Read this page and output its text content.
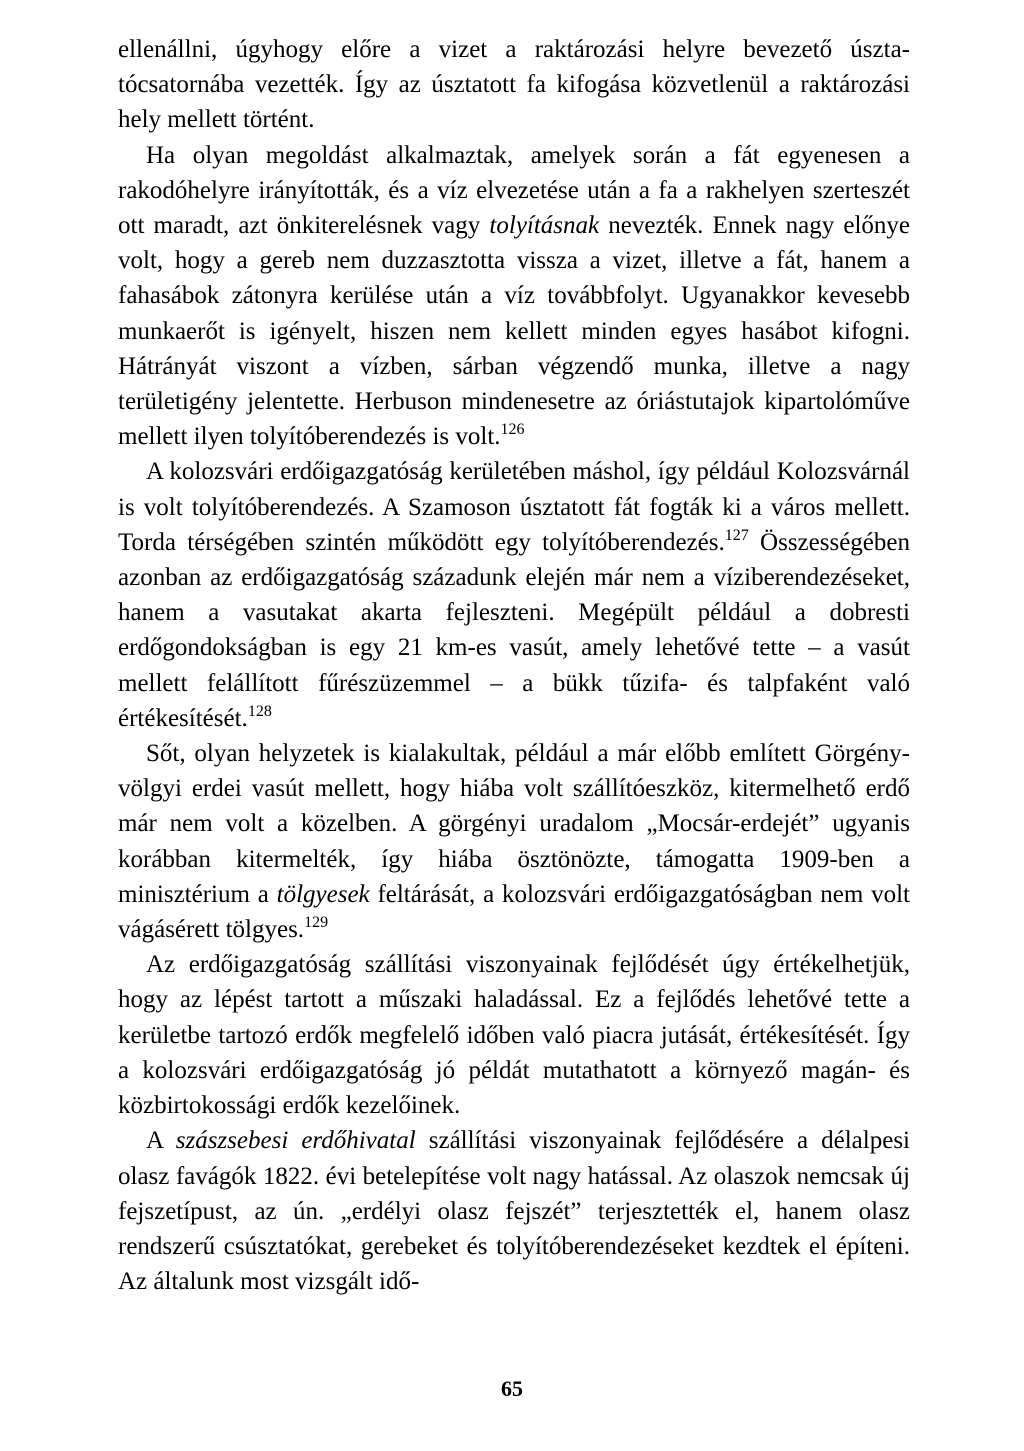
ellenállni, úgyhogy előre a vizet a raktározási helyre bevezető úsztatócsatornába vezették. Így az úsztatott fa kifogása közvetlenül a raktározási hely mellett történt.

Ha olyan megoldást alkalmaztak, amelyek során a fát egyenesen a rakodóhelyre irányították, és a víz elvezetése után a fa a rakhelyen szerteszét ott maradt, azt önkiterelésnek vagy tolyításnak nevezték. Ennek nagy előnye volt, hogy a gereb nem duzzasztotta vissza a vizet, illetve a fát, hanem a fahasábok zátonyra kerülése után a víz továbbfolyt. Ugyanakkor kevesebb munkaerőt is igényelt, hiszen nem kellett minden egyes hasábot kifogni. Hátrányát viszont a vízben, sárban végzendő munka, illetve a nagy területigény jelentette. Herbuson mindenesetre az óriástutajok kipartolóműve mellett ilyen tolyítóberendezés is volt.$^{126}$

A kolozsvári erdőigazgatóság kerületében máshol, így például Kolozsvárnál is volt tolyítóberendezés. A Szamoson úsztatott fát fogták ki a város mellett. Torda térségében szintén működött egy tolyítóberendezés.$^{127}$ Összességében azonban az erdőigazgatóság századunk elején már nem a víziberendezéseket, hanem a vasutakat akarta fejleszteni. Megépült például a dobresti erdőgondokságban is egy 21 km-es vasút, amely lehetővé tette – a vasút mellett felállított fűrészüzemmel – a bükk tűzifa- és talpfaként való értékesítését.$^{128}$

Sőt, olyan helyzetek is kialakultak, például a már előbb említett Görgény-völgyi erdei vasút mellett, hogy hiába volt szállítóeszköz, kitermelhető erdő már nem volt a közelben. A görgényi uradalom „Mocsár-erdejét” ugyanis korábban kitermelték, így hiába ösztönözte, támogatta 1909-ben a minisztérium a tölgyesek feltárását, a kolozsvári erdőigazgatóságban nem volt vágásérett tölgyes.$^{129}$

Az erdőigazgatóság szállítási viszonyainak fejlődését úgy értékelhetjük, hogy az lépést tartott a műszaki haladással. Ez a fejlődés lehetővé tette a kerületbe tartozó erdők megfelelő időben való piacra jutását, értékesítését. Így a kolozsvári erdőigazgatóság jó példát mutathatott a környező magán- és közbirtokossági erdők kezelőinek.

A szászsebesi erdőhivatal szállítási viszonyainak fejlődésére a délalpesi olasz favágók 1822. évi betelepítése volt nagy hatással. Az olaszok nemcsak új fejszetípust, az ún. „erdélyi olasz fejszét” terjesztették el, hanem olasz rendszerű csúsztatókat, gerebeket és tolyítóberendezéseket kezdtek el építeni. Az általunk most vizsgált idő-

65
